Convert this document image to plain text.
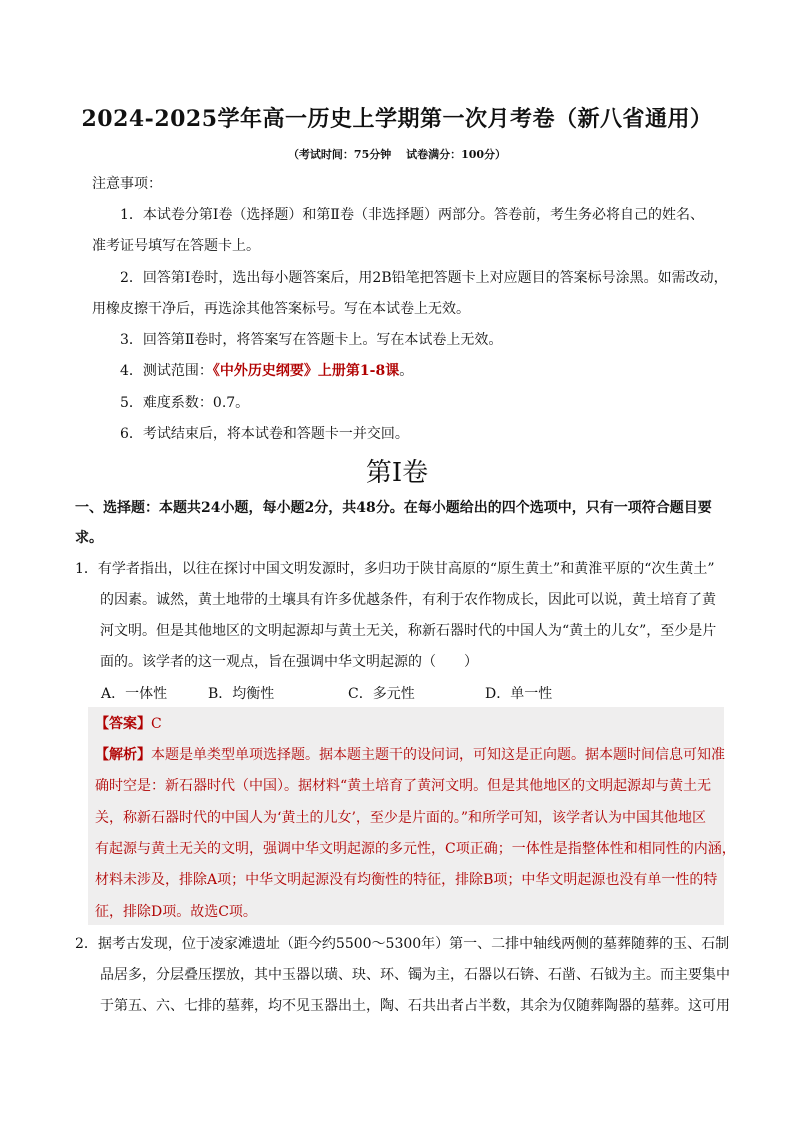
2024-2025学年高一历史上学期第一次月考卷（新八省通用）
（考试时间：75分钟　 试卷满分：100分）
注意事项：
1．本试卷分第Ⅰ卷（选择题）和第Ⅱ卷（非选择题）两部分。答卷前，考生务必将自己的姓名、
准考证号填写在答题卡上。
2．回答第Ⅰ卷时，选出每小题答案后，用2B铅笔把答题卡上对应题目的答案标号涂黑。如需改动，
用橡皮擦干净后，再选涂其他答案标号。写在本试卷上无效。
3．回答第Ⅱ卷时，将答案写在答题卡上。写在本试卷上无效。
4．测试范围：《中外历史纲要》上册第1-8课。
5．难度系数：0.7。
6．考试结束后，将本试卷和答题卡一并交回。
第Ⅰ卷
一、选择题：本题共24小题，每小题2分，共48分。在每小题给出的四个选项中，只有一项符合题目要
求。
1．有学者指出，以往在探讨中国文明发源时，多归功于陕甘高原的“原生黄土”和黄淮平原的“次生黄土”
的因素。诚然，黄土地带的土壤具有许多优越条件，有利于农作物成长，因此可以说，黄土培育了黄
河文明。但是其他地区的文明起源却与黄土无关，称新石器时代的中国人为“黄土的儿女”，至少是片
面的。该学者的这一观点，旨在强调中华文明起源的（　　）
A．一体性	B．均衡性	C．多元性	D．单一性
【答案】C
【解析】本题是单类型单项选择题。据本题主题干的设问词，可知这是正向题。据本题时间信息可知准
确时空是：新石器时代（中国）。据材料“黄土培育了黄河文明。但是其他地区的文明起源却与黄土无
关，称新石器时代的中国人为‘黄土的儿女’，至少是片面的。”和所学可知，该学者认为中国其他地区
有起源与黄土无关的文明，强调中华文明起源的多元性，C项正确；一体性是指整体性和相同性的内涵，
材料未涉及，排除A项；中华文明起源没有均衡性的特征，排除B项；中华文明起源也没有单一性的特
征，排除D项。故选C项。
2．据考古发现，位于凌家滩遗址（距今约5500～5300年）第一、二排中轴线两侧的墓葬随葬的玉、石制
品居多，分层叠压摆放，其中玉器以璜、玦、环、镯为主，石器以石锛、石凿、石钺为主。而主要集中
于第五、六、七排的墓葬，均不见玉器出土，陶、石共出者占半数，其余为仅随葬陶器的墓葬。这可用
